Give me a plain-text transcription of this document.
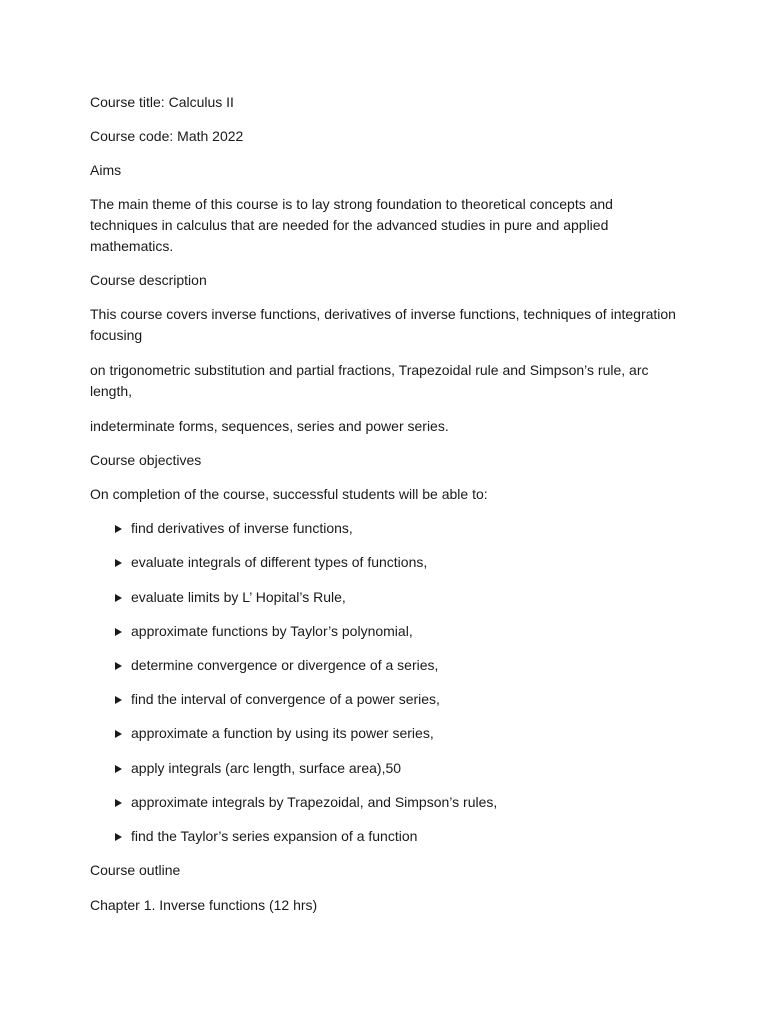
Course title: Calculus II
Course code: Math 2022
Aims
The main theme of this course is to lay strong foundation to theoretical concepts and
techniques in calculus that are needed for the advanced studies in pure and applied
mathematics.
Course description
This course covers inverse functions, derivatives of inverse functions, techniques of integration
focusing
on trigonometric substitution and partial fractions, Trapezoidal rule and Simpson’s rule, arc
length,
indeterminate forms, sequences, series and power series.
Course objectives
On completion of the course, successful students will be able to:
find derivatives of inverse functions,
evaluate integrals of different types of functions,
evaluate limits by L’ Hopital’s Rule,
approximate functions by Taylor’s polynomial,
determine convergence or divergence of a series,
find the interval of convergence of a power series,
approximate a function by using its power series,
apply integrals (arc length, surface area),50
approximate integrals by Trapezoidal, and Simpson’s rules,
find the Taylor’s series expansion of a function
Course outline
Chapter 1. Inverse functions (12 hrs)
